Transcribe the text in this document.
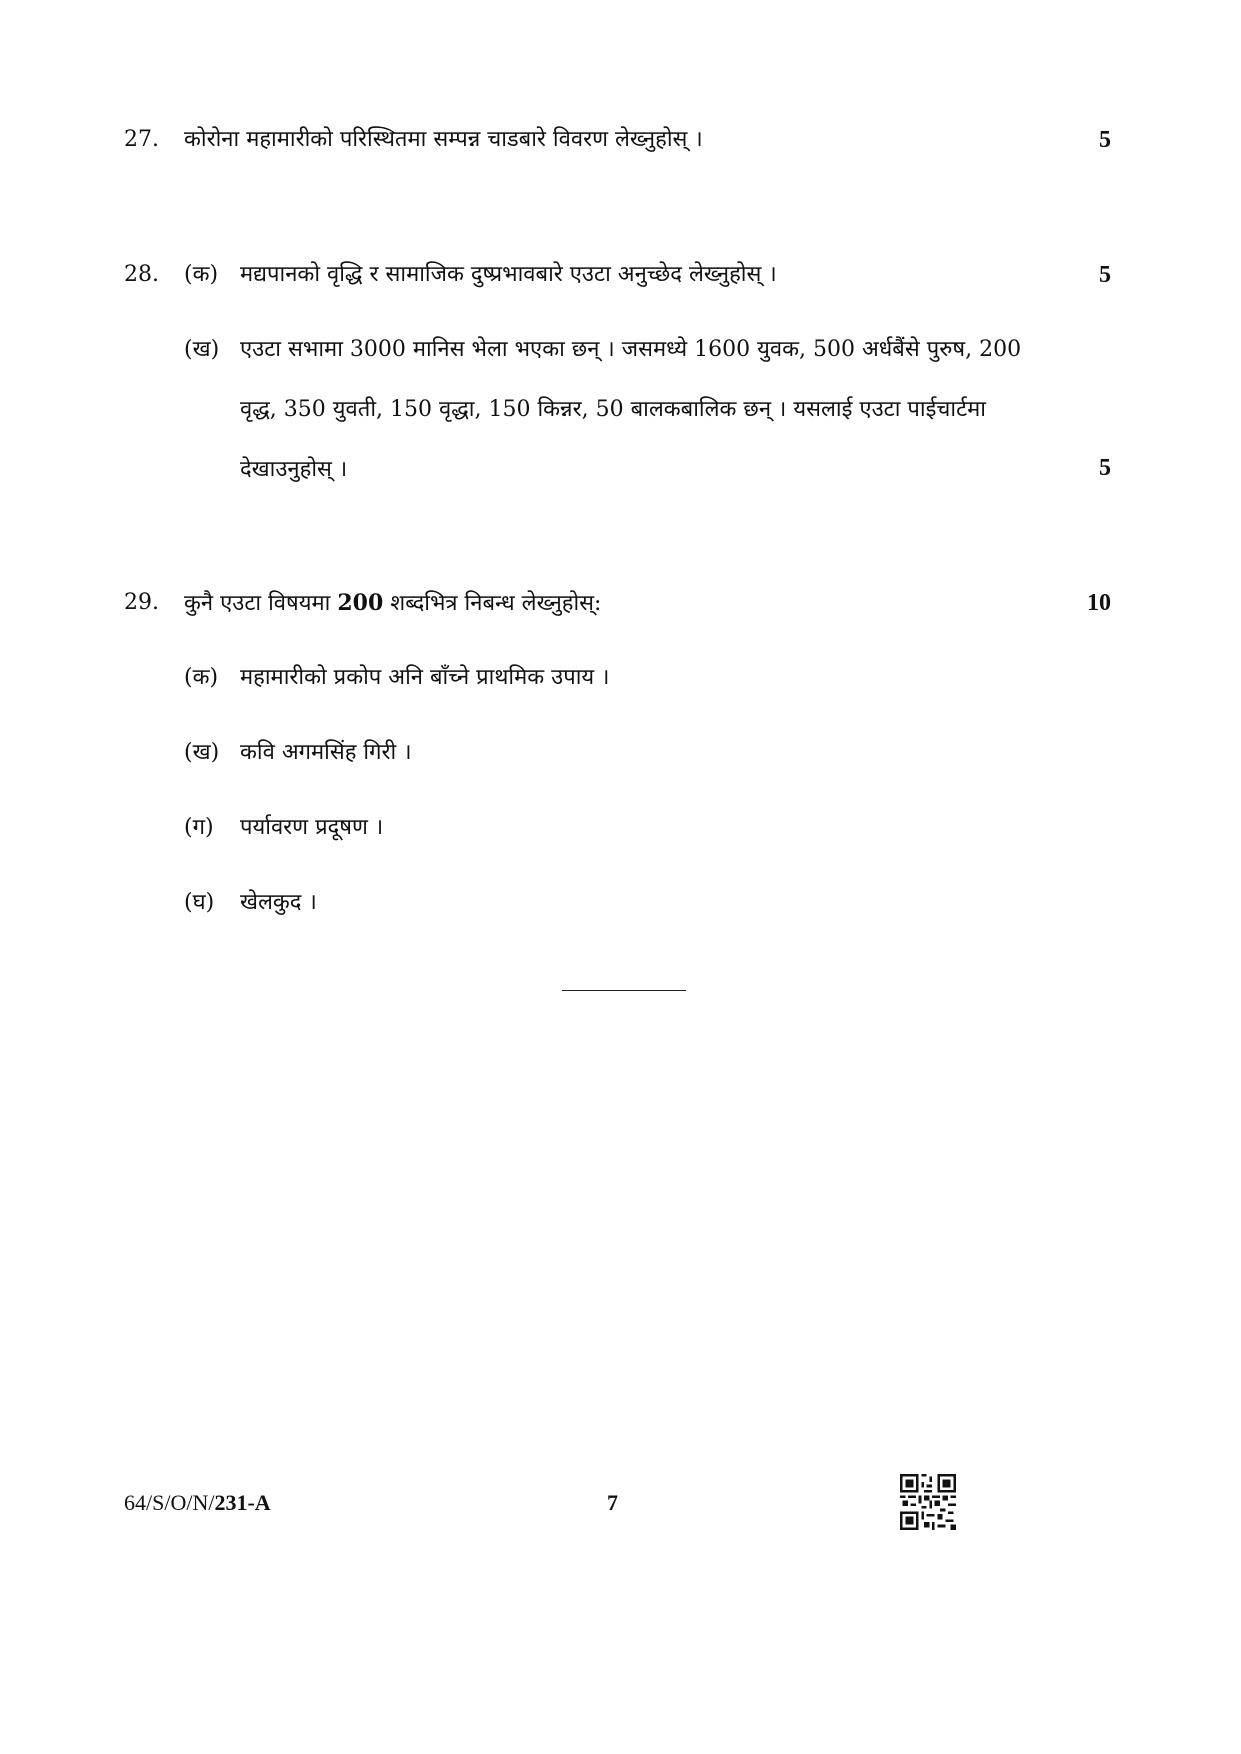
27.	कोरोना महामारीको परिस्थितमा सम्पन्न चाडबारे विवरण लेख्नुहोस् ।	5
28.	(क) मद्यपानको वृद्धि र सामाजिक दुष्प्रभावबारे एउटा अनुच्छेद लेख्नुहोस् ।	5
(ख) एउटा सभामा 3000 मानिस भेला भएका छन् । जसमध्ये 1600 युवक, 500 अर्धबैंसे पुरुष, 200 वृद्ध, 350 युवती, 150 वृद्धा, 150 किन्नर, 50 बालकबालिक छन् । यसलाई एउटा पाईचार्टमा देखाउनुहोस् ।	5
29.	कुनै एउटा विषयमा 200 शब्दभित्र निबन्ध लेख्नुहोस्:	10
(क) महामारीको प्रकोप अनि बाँच्ने प्राथमिक उपाय ।
(ख) कवि अगमसिंह गिरी ।
(ग) पर्यावरण प्रदूषण ।
(घ) खेलकुद ।
64/S/O/N/231-A	7
